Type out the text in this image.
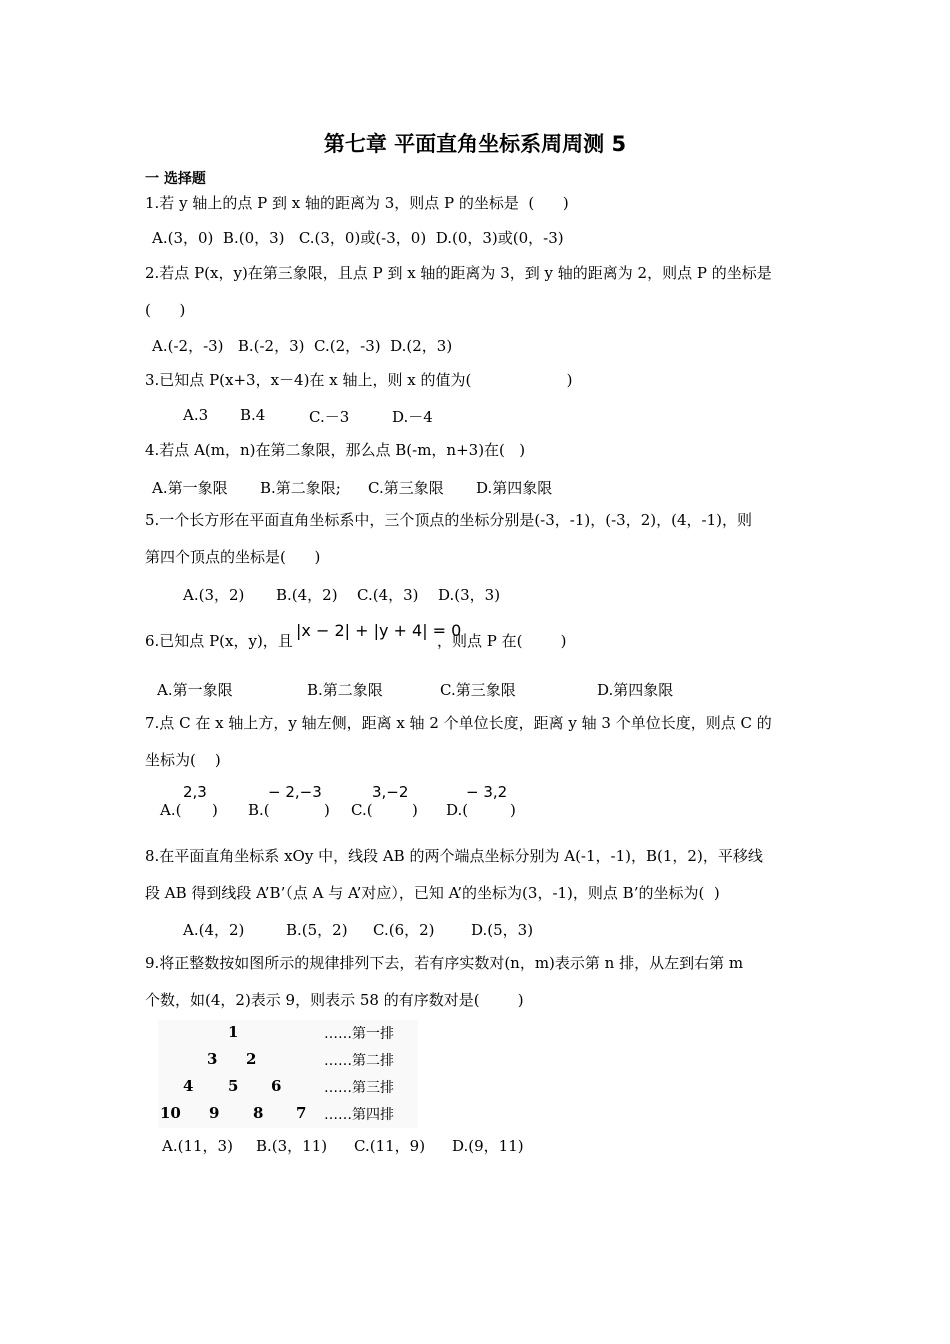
第七章 平面直角坐标系周周测 5
一 选择题
1.若 y 轴上的点 P 到 x 轴的距离为 3，则点 P 的坐标是  (      )
A.(3，0)  B.(0，3)   C.(3，0)或(-3，0)  D.(0，3)或(0，-3)
2.若点 P(x，y)在第三象限，且点 P 到 x 轴的距离为 3，到 y 轴的距离为 2，则点 P 的坐标是
(      )
A.(-2，-3)   B.(-2，3)  C.(2，-3)  D.(2，3)
3.已知点 P(x+3，x－4)在 x 轴上，则 x 的值为(                    )
A.3 B.4	C.－3	D.－4
4.若点 A(m，n)在第二象限，那么点 B(-m，n+3)在(   )
A.第一象限 B.第二象限; C.第三象限 D.第四象限
5.一个长方形在平面直角坐标系中，三个顶点的坐标分别是(-3，-1)，(-3，2)，(4，-1)，则
第四个顶点的坐标是(      )
A.(3，2) B.(4，2) C.(4，3) D.(3，3)
6.已知点 P(x，y)，且
|x − 2| + |y + 4| = 0
，则点 P 在(        )
A.第一象限	B.第二象限	C.第三象限	D.第四象限
7.点 C 在 x 轴上方，y 轴左侧，距离 x 轴 2 个单位长度，距离 y 轴 3 个单位长度，则点 C 的
坐标为(    )
A.(
2,3
) B.(
− 2,−3
) C.(
3,−2
) D.(
− 3,2
)
8.在平面直角坐标系 xOy 中，线段 AB 的两个端点坐标分别为 A(-1，-1)，B(1，2)，平移线
段 AB 得到线段 A’B’（点 A 与 A’对应），已知 A’的坐标为(3，-1)，则点 B’的坐标为(  )
A.(4，2)	B.(5，2) C.(6，2) D.(5，3)
9.将正整数按如图所示的规律排列下去，若有序实数对(n，m)表示第 n 排，从左到右第 m
个数，如(4，2)表示 9，则表示 58 的有序数对是(        )
1	……第一排
3 2	……第二排
4 5 6	……第三排
10 9 8 7 ……第四排
A.(11，3) B.(3，11) C.(11，9) D.(9，11)
